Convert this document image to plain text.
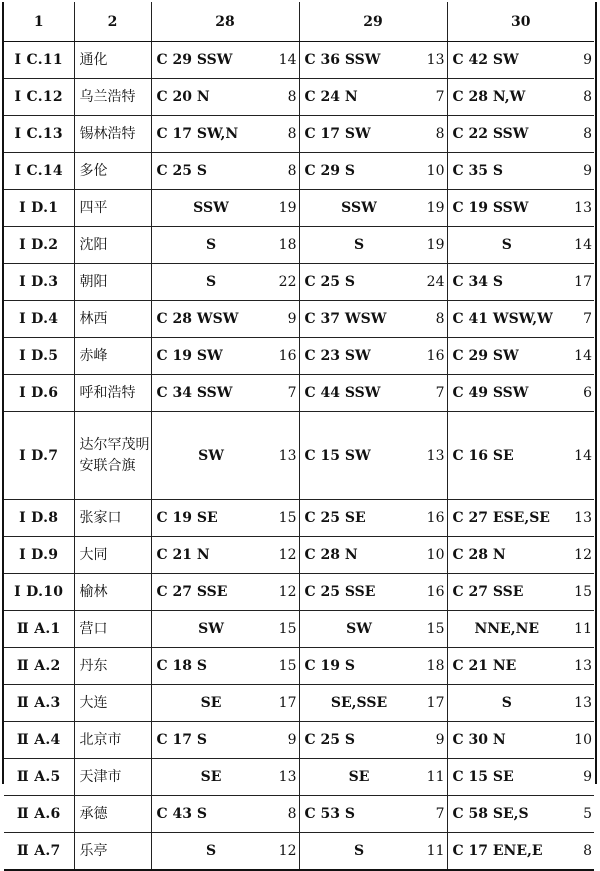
1	2	28	29	30
I C.11	通化	C 29 SSW 14	C 36 SSW 13	C 42 SW 9

I C.12	乌兰浩特	C 20 N 8	C 24 N 7	C 28 N,W 8

I C.13	锡林浩特	C 17 SW,N 8	C 17 SW 8	C 22 SSW 8

I C.14	多伦	C 25 S 8	C 29 S 10	C 35 S 9

I D.1	四平	SSW 19	SSW 19	C 19 SSW 13

I D.2	沈阳	S 18	S 19	S 14

I D.3	朝阳	S 22	C 25 S 24	C 34 S 17

I D.4	林西	C 28 WSW 9	C 37 WSW 8	C 41 WSW,W 7

I D.5	赤峰	C 19 SW 16	C 23 SW 16	C 29 SW 14

I D.6	呼和浩特	C 34 SSW 7	C 44 SSW 7	C 49 SSW 6

I D.7	达尔罕茂明安联合旗	SW 13	C 15 SW 13	C 16 SE 14

I D.8	张家口	C 19 SE 15	C 25 SE 16	C 27 ESE,SE 13

I D.9	大同	C 21 N 12	C 28 N 10	C 28 N 12

I D.10	榆林	C 27 SSE 12	C 25 SSE 16	C 27 SSE 15

Ⅱ A.1	营口	SW 15	SW 15	NNE,NE 11

Ⅱ A.2	丹东	C 18 S 15	C 19 S 18	C 21 NE 13

Ⅱ A.3	大连	SE 17	SE,SSE 17	S 13

Ⅱ A.4	北京市	C 17 S 9	C 25 S 9	C 30 N 10

Ⅱ A.5	天津市	SE 13	SE 11	C 15 SE 9

Ⅱ A.6	承德	C 43 S 8	C 53 S 7	C 58 SE,S 5

Ⅱ A.7	乐亭	S 12	S 11	C 17 ENE,E 8
